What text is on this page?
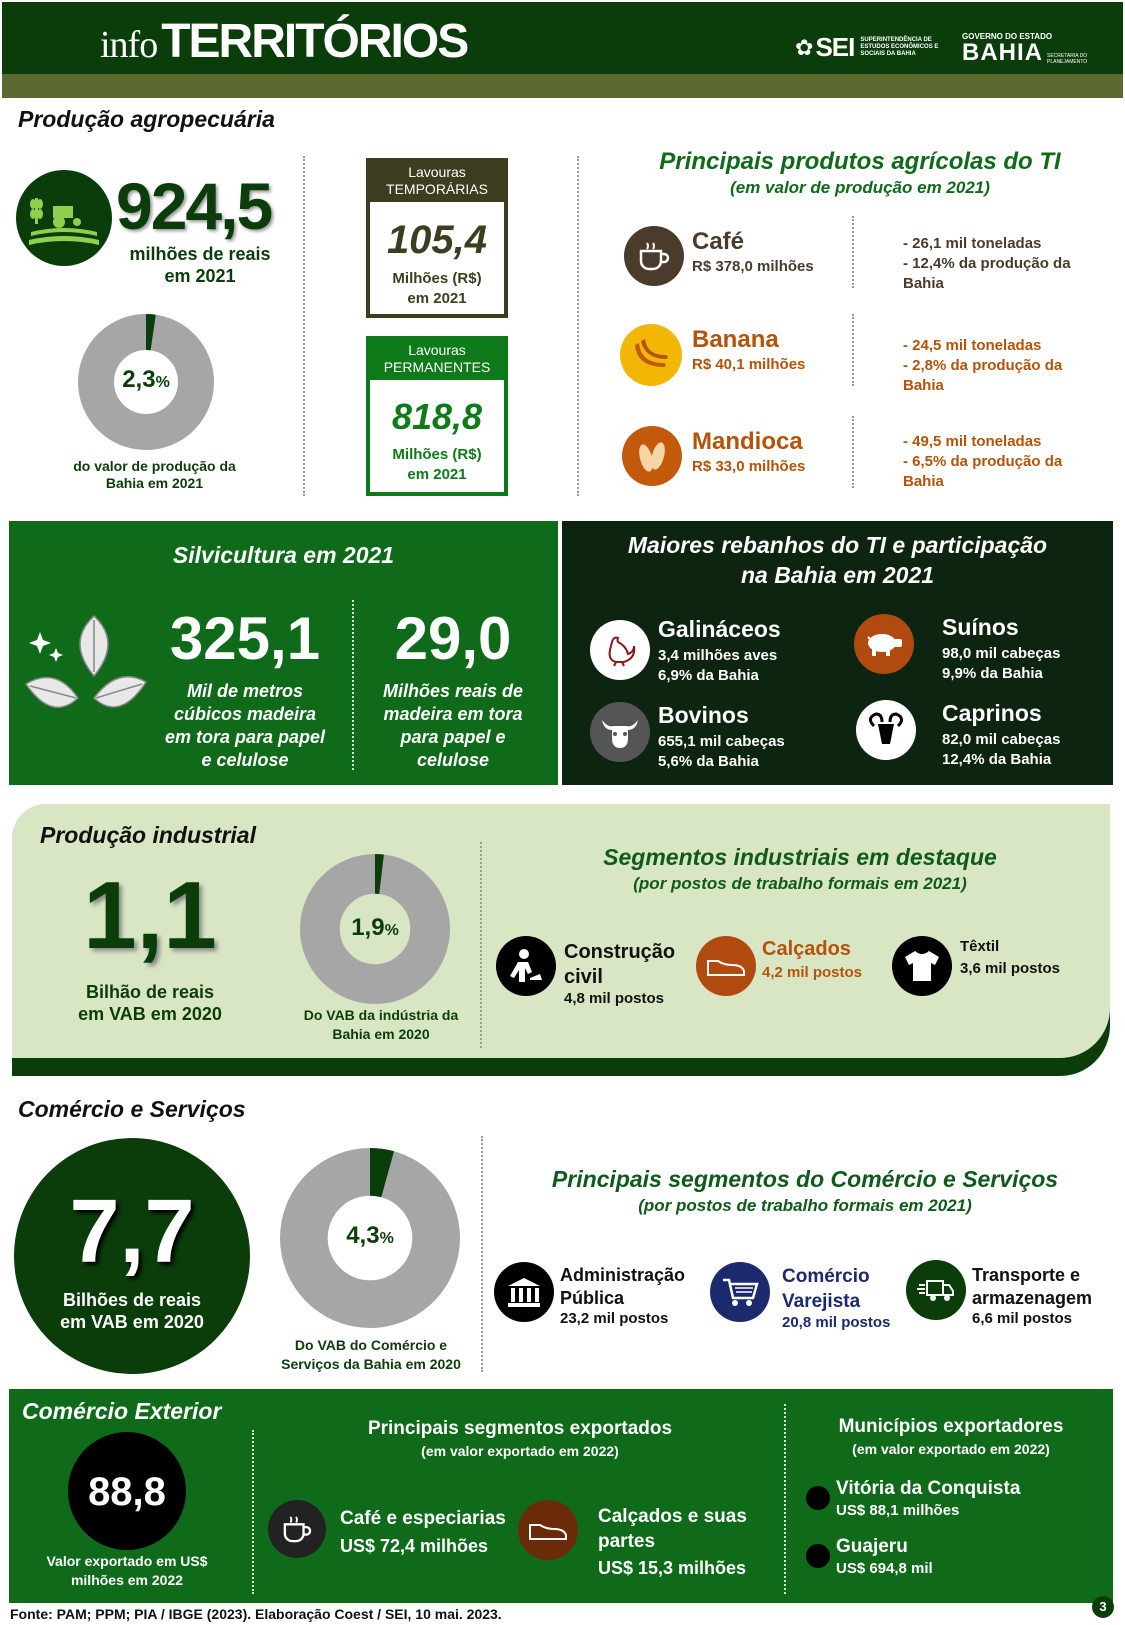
info TERRITÓRIOS	✿ SEI SUPERINTENDÊNCIA DE ESTUDOS ECONÔMICOS E SOCIAIS DA BAHIA
GOVERNO DO ESTADO
BAHIA SECRETARIA DO PLANEJAMENTO
Produção agropecuária
924,5
milhões de reais
em 2021
2,3%
do valor de produção da Bahia em 2021
Lavouras
TEMPORÁRIAS
105,4
Milhões (R$)
em 2021
Lavouras
PERMANENTES
818,8
Milhões (R$)
em 2021
Principais produtos agrícolas do TI
(em valor de produção em 2021)
Café
R$ 378,0 milhões
- 26,1 mil toneladas
- 12,4% da produção da
Bahia
Banana
R$ 40,1 milhões
- 24,5 mil toneladas
- 2,8% da produção da
Bahia
Mandioca
R$ 33,0 milhões
- 49,5 mil toneladas
- 6,5% da produção da
Bahia
Silvicultura em 2021
325,1
Mil de metros
cúbicos madeira
em tora para papel
e celulose
29,0
Milhões reais de
madeira em tora
para papel e
celulose
Maiores rebanhos do TI e participação
na Bahia em 2021
Galináceos
3,4 milhões aves
6,9% da Bahia
Suínos
98,0 mil cabeças
9,9% da Bahia
Bovinos
655,1 mil cabeças
5,6% da Bahia
Caprinos
82,0 mil cabeças
12,4% da Bahia
Produção industrial
1,1
Bilhão de reais
em VAB em 2020
1,9%
Do VAB da indústria da
Bahia em 2020
Segmentos industriais em destaque
(por postos de trabalho formais em 2021)
Construção
civil
4,8 mil postos
Calçados
4,2 mil postos
Têxtil
3,6 mil postos
Comércio e Serviços
7,7
Bilhões de reais
em VAB em 2020
4,3%
Do VAB do Comércio e
Serviços da Bahia em 2020
Principais segmentos do Comércio e Serviços
(por postos de trabalho formais em 2021)
Administração
Pública
23,2 mil postos
Comércio
Varejista
20,8 mil postos
Transporte e
armazenagem
6,6 mil postos
Comércio Exterior
88,8
Valor exportado em US$
milhões em 2022
Principais segmentos exportados
(em valor exportado em 2022)
Café e especiarias
US$ 72,4 milhões
Calçados e suas
partes
US$ 15,3 milhões
Municípios exportadores
(em valor exportado em 2022)
Vitória da Conquista
US$ 88,1 milhões
Guajeru
US$ 694,8 mil
Fonte: PAM; PPM; PIA / IBGE (2023). Elaboração Coest / SEI, 10 mai. 2023.	3
